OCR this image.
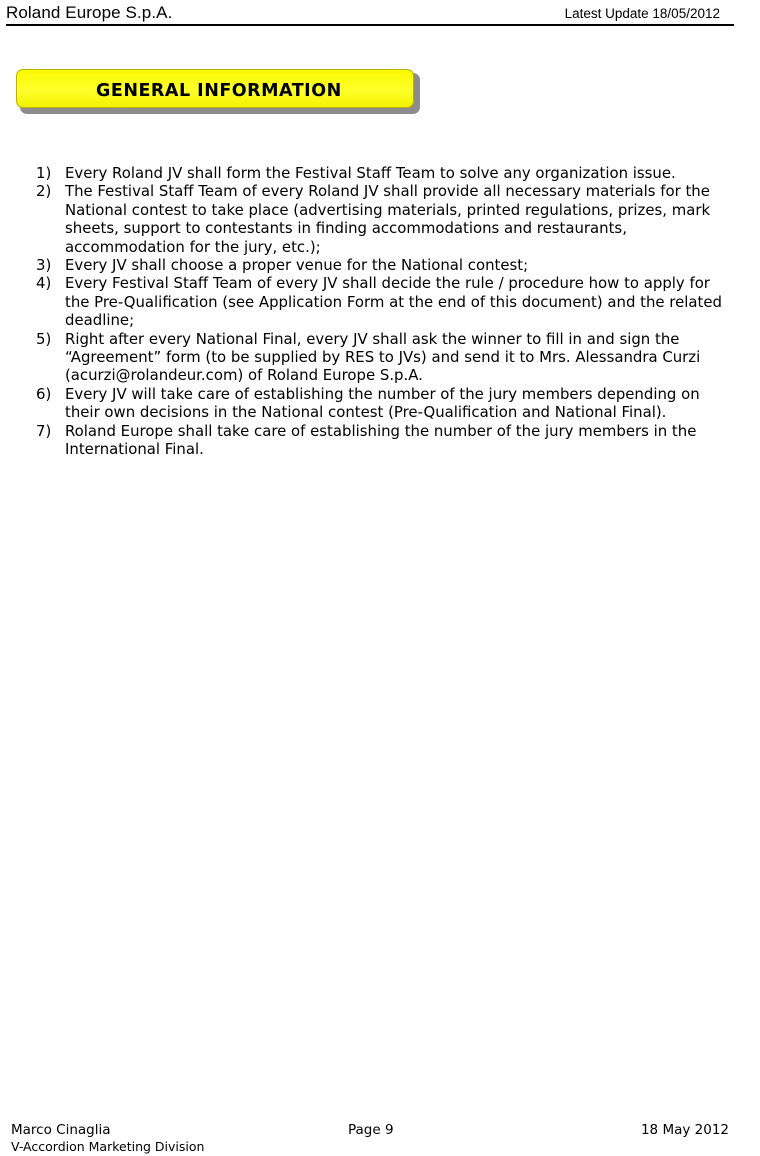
Roland Europe S.p.A.	Latest Update 18/05/2012
GENERAL INFORMATION
1) Every Roland JV shall form the Festival Staff Team to solve any organization issue.
2) The Festival Staff Team of every Roland JV shall provide all necessary materials for the National contest to take place (advertising materials, printed regulations, prizes, mark sheets, support to contestants in finding accommodations and restaurants, accommodation for the jury, etc.);
3) Every JV shall choose a proper venue for the National contest;
4) Every Festival Staff Team of every JV shall decide the rule / procedure how to apply for the Pre-Qualification (see Application Form at the end of this document) and the related deadline;
5) Right after every National Final, every JV shall ask the winner to fill in and sign the “Agreement” form (to be supplied by RES to JVs) and send it to Mrs. Alessandra Curzi (acurzi@rolandeur.com) of Roland Europe S.p.A.
6) Every JV will take care of establishing the number of the jury members depending on their own decisions in the National contest (Pre-Qualification and National Final).
7) Roland Europe shall take care of establishing the number of the jury members in the International Final.
Marco Cinaglia
V-Accordion Marketing Division
Page 9	18 May 2012
